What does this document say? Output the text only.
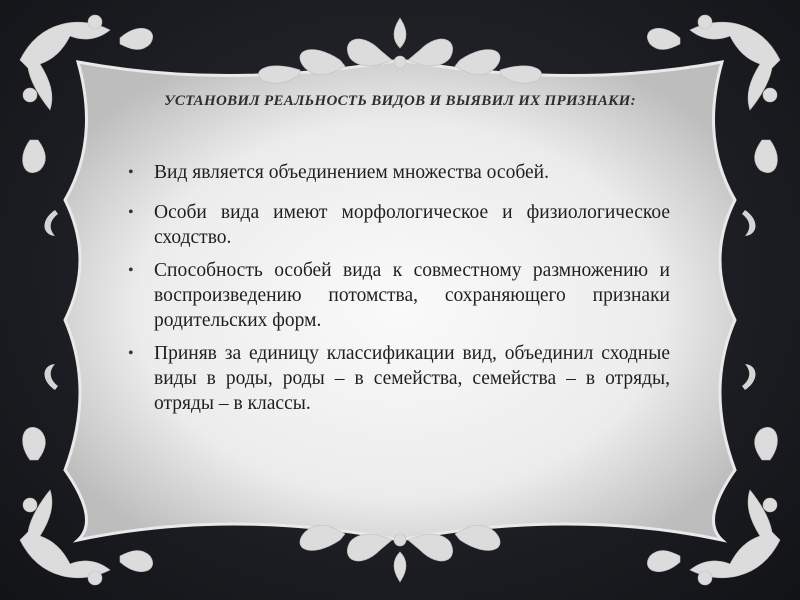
УСТАНОВИЛ РЕАЛЬНОСТЬ ВИДОВ И ВЫЯВИЛ ИХ ПРИЗНАКИ:
• Вид является объединением множества особей.
• Особи вида имеют морфологическое и физиологическое сходство.
• Способность особей вида к совместному размножению и воспроизведению потомства, сохраняющего признаки родительских форм.
• Приняв за единицу классификации вид, объединил сходные виды в роды, роды – в семейства, семейства – в отряды, отряды – в классы.
